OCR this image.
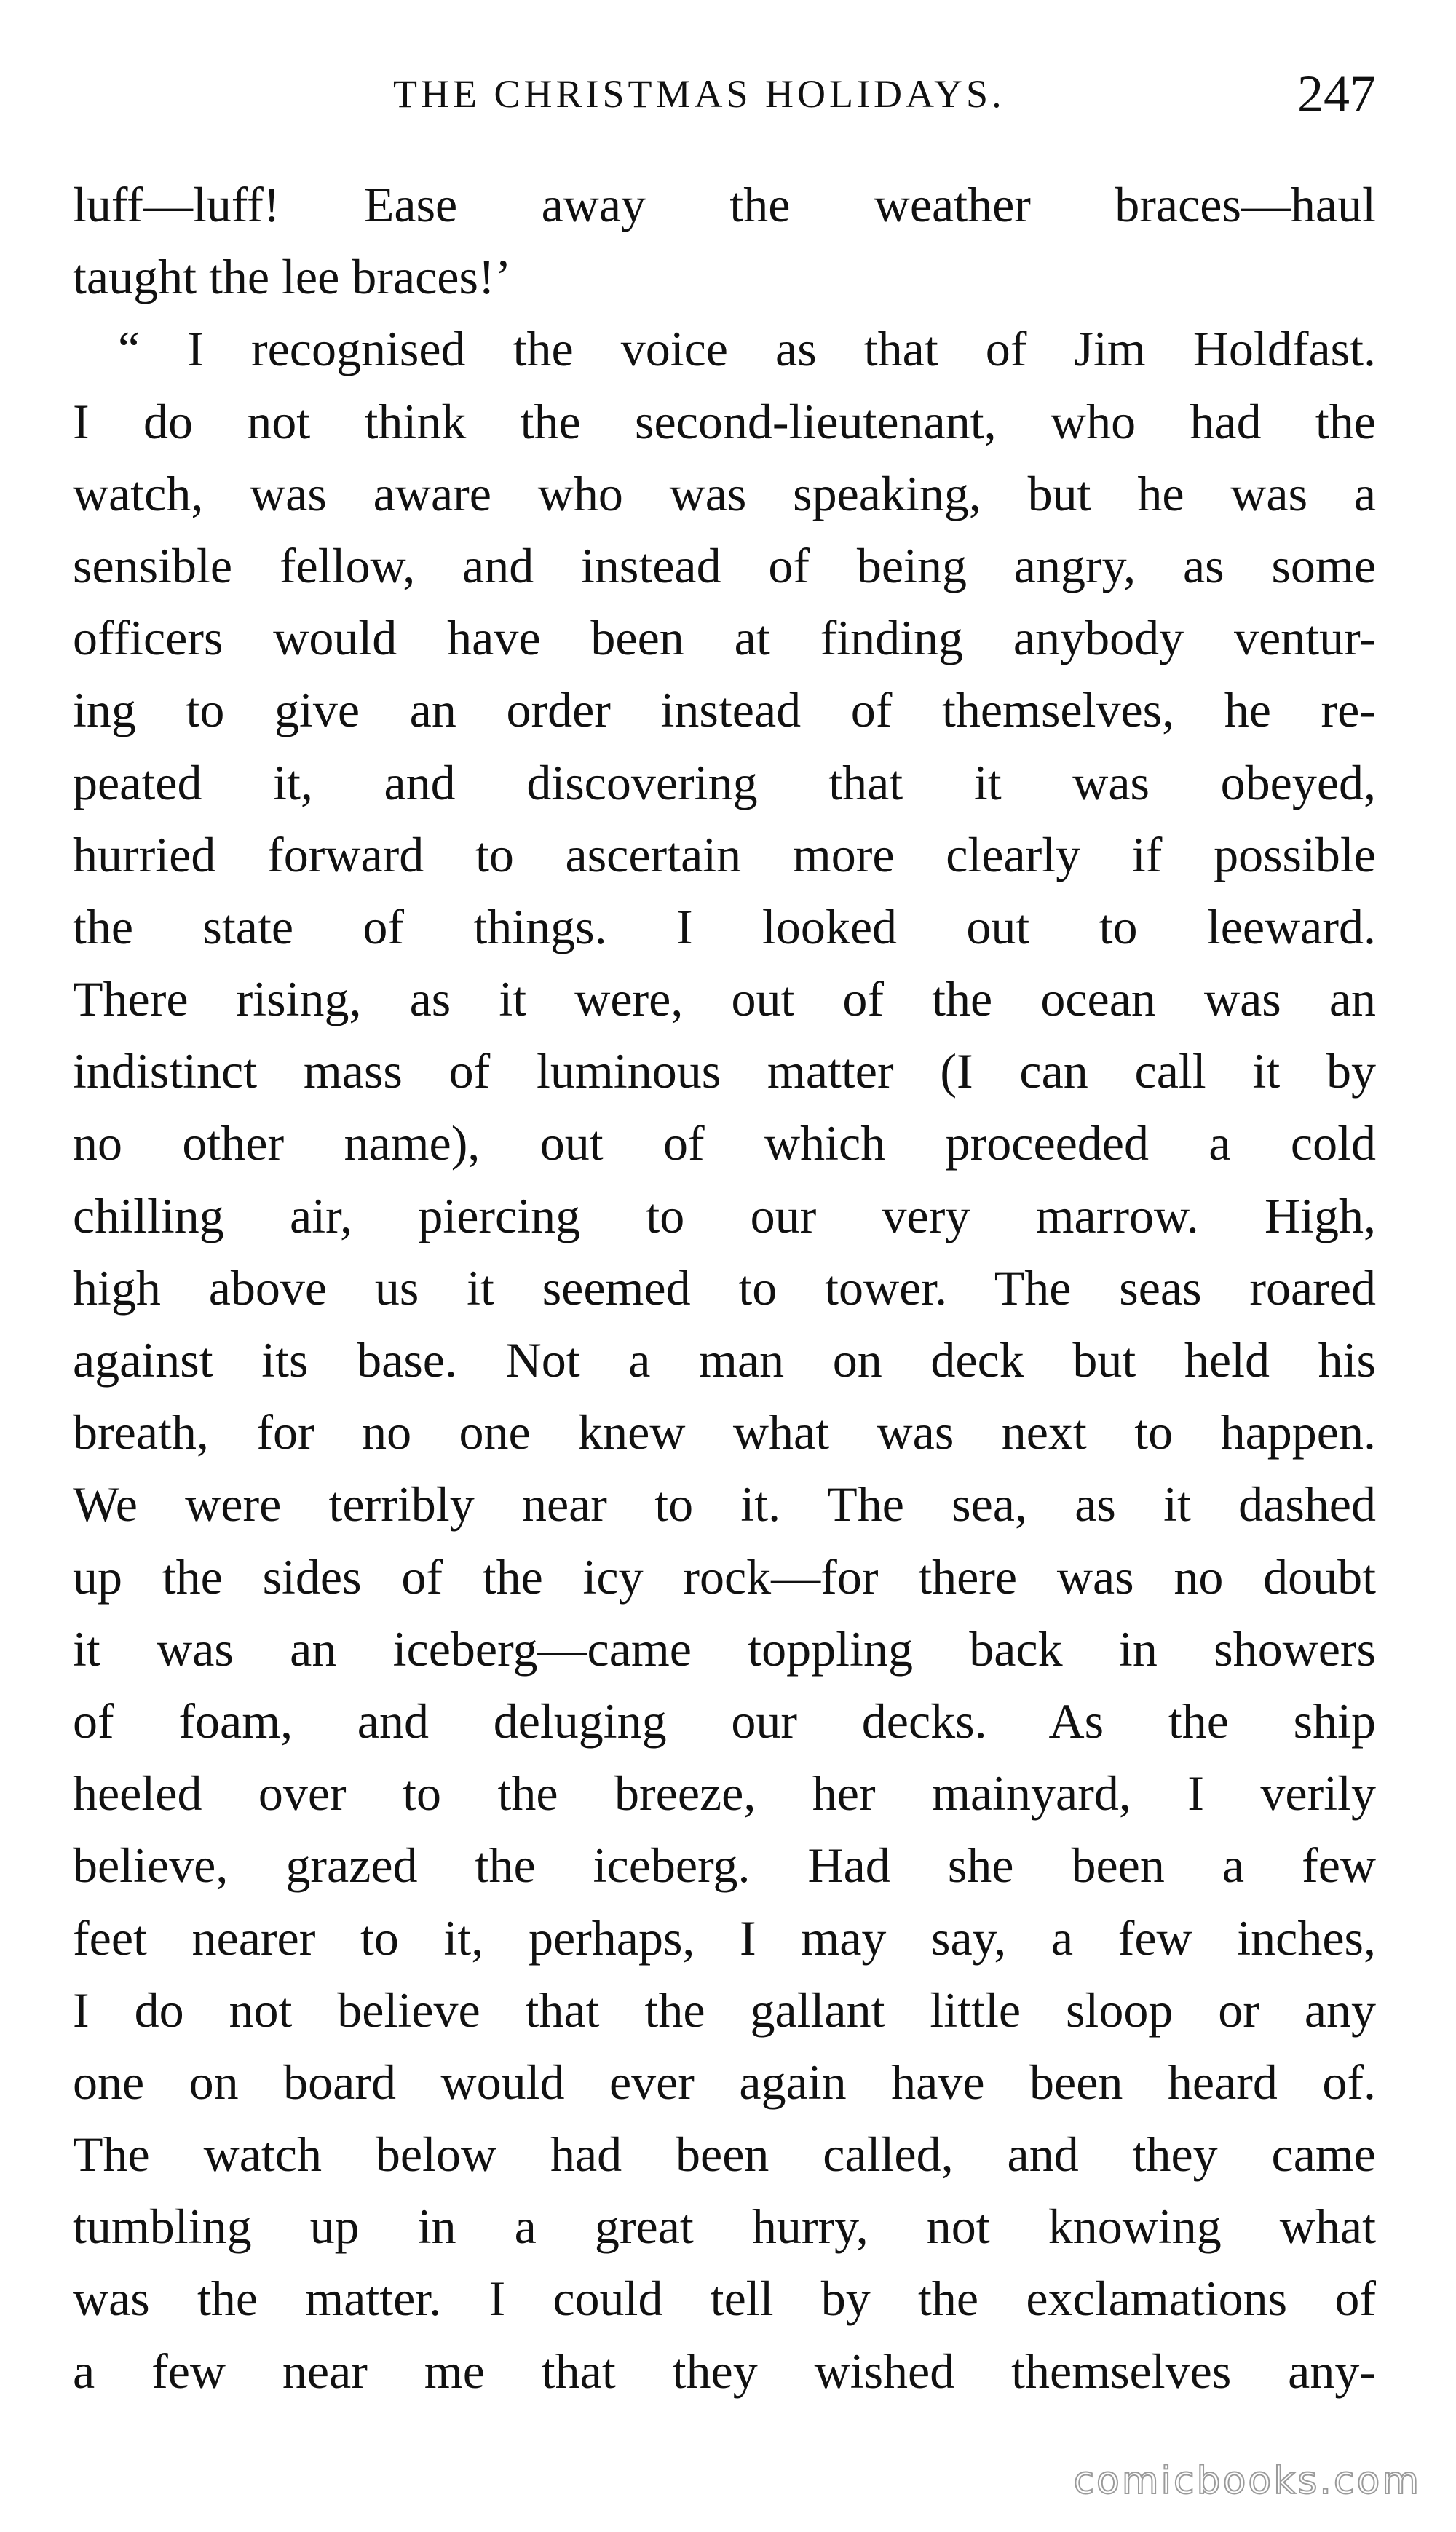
THE CHRISTMAS HOLIDAYS.	247
luff—luff! Ease away the weather braces—haul
taught the lee braces!’
“ I recognised the voice as that of Jim Holdfast.
I do not think the second-lieutenant, who had the
watch, was aware who was speaking, but he was a
sensible fellow, and instead of being angry, as some
officers would have been at finding anybody ventur-
ing to give an order instead of themselves, he re-
peated it, and discovering that it was obeyed,
hurried forward to ascertain more clearly if possible
the state of things. I looked out to leeward.
There rising, as it were, out of the ocean was an
indistinct mass of luminous matter (I can call it by
no other name), out of which proceeded a cold
chilling air, piercing to our very marrow. High,
high above us it seemed to tower. The seas roared
against its base. Not a man on deck but held his
breath, for no one knew what was next to happen.
We were terribly near to it. The sea, as it dashed
up the sides of the icy rock—for there was no doubt
it was an iceberg—came toppling back in showers
of foam, and deluging our decks. As the ship
heeled over to the breeze, her mainyard, I verily
believe, grazed the iceberg. Had she been a few
feet nearer to it, perhaps, I may say, a few inches,
I do not believe that the gallant little sloop or any
one on board would ever again have been heard of.
The watch below had been called, and they came
tumbling up in a great hurry, not knowing what
was the matter. I could tell by the exclamations of
a few near me that they wished themselves any-
comicbooks.com
